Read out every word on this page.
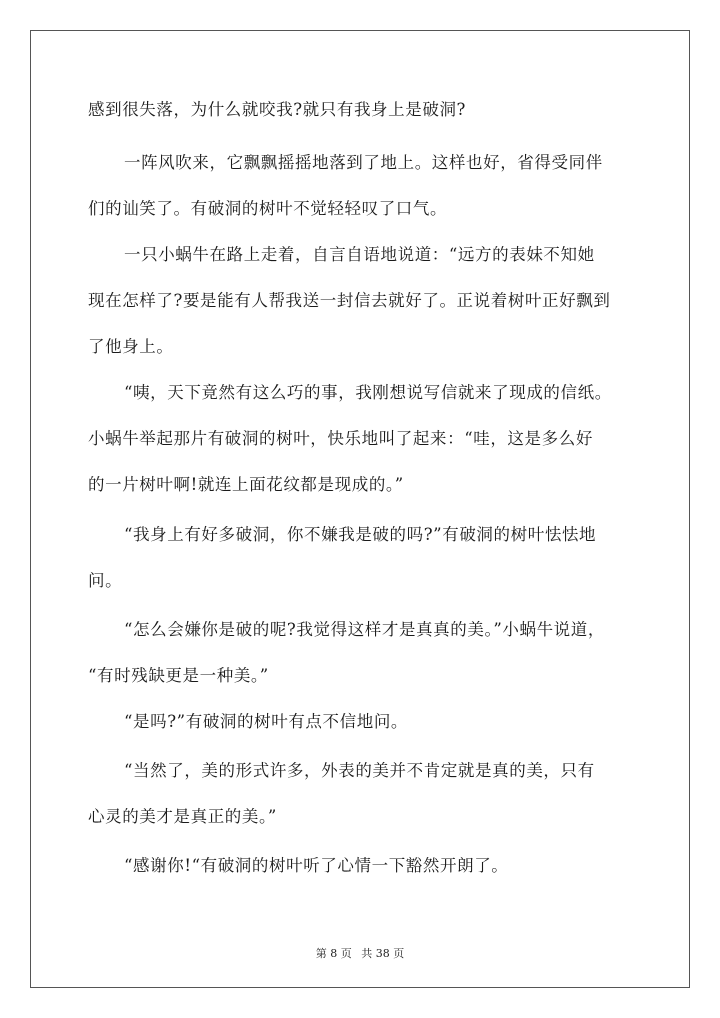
感到很失落，为什么就咬我?就只有我身上是破洞?
一阵风吹来，它飘飘摇摇地落到了地上。这样也好，省得受同伴
们的讪笑了。有破洞的树叶不觉轻轻叹了口气。
一只小蜗牛在路上走着，自言自语地说道：“远方的表妹不知她
现在怎样了?要是能有人帮我送一封信去就好了。正说着树叶正好飘到
了他身上。
“咦，天下竟然有这么巧的事，我刚想说写信就来了现成的信纸。
小蜗牛举起那片有破洞的树叶，快乐地叫了起来：“哇，这是多么好
的一片树叶啊!就连上面花纹都是现成的。”
“我身上有好多破洞，你不嫌我是破的吗?”有破洞的树叶怯怯地
问。
“怎么会嫌你是破的呢?我觉得这样才是真真的美。”小蜗牛说道，
“有时残缺更是一种美。”
“是吗?”有破洞的树叶有点不信地问。
“当然了，美的形式许多，外表的美并不肯定就是真的美，只有
心灵的美才是真正的美。”
“感谢你!“有破洞的树叶听了心情一下豁然开朗了。
第 8 页 共 38 页
